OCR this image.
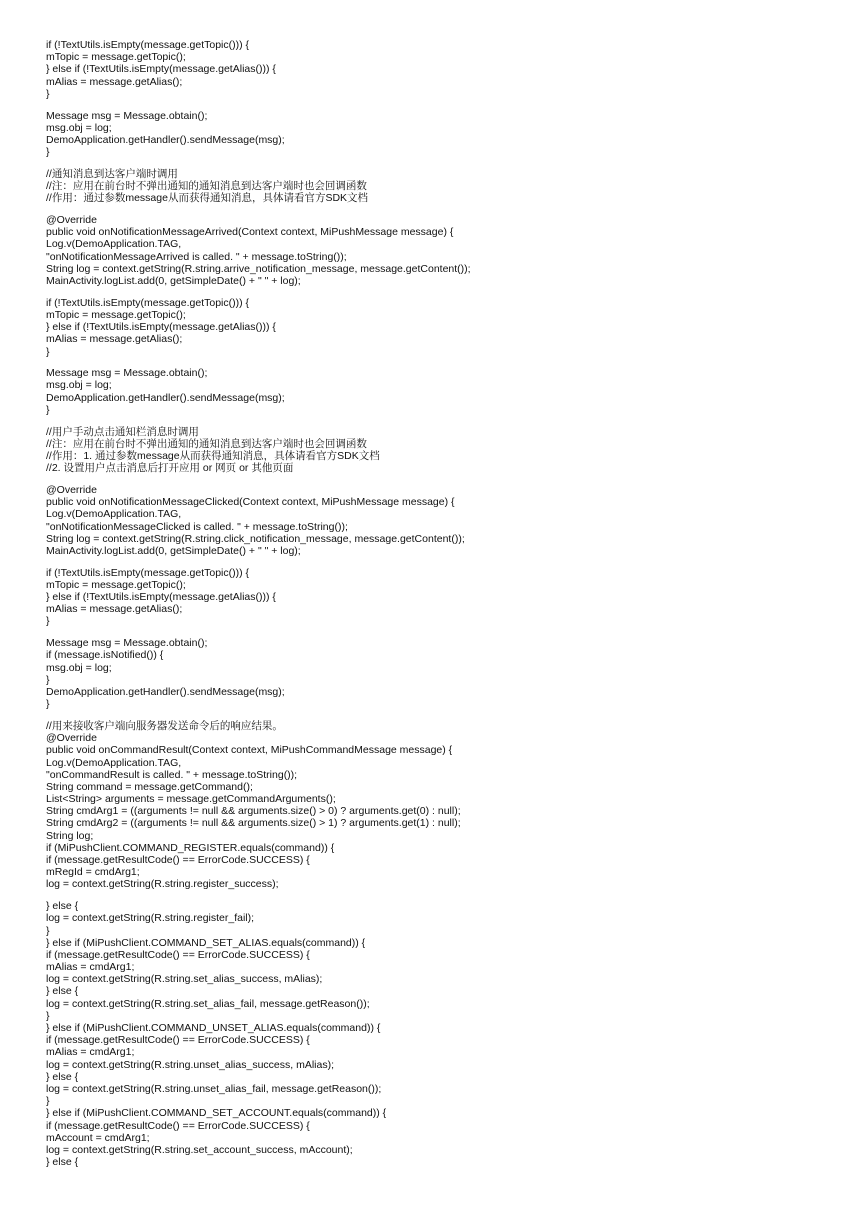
if (!TextUtils.isEmpty(message.getTopic())) {
mTopic = message.getTopic();
} else if (!TextUtils.isEmpty(message.getAlias())) {
mAlias = message.getAlias();
}
Message msg = Message.obtain();
msg.obj = log;
DemoApplication.getHandler().sendMessage(msg);
}
//通知消息到达客户端时调用
//注：应用在前台时不弹出通知的通知消息到达客户端时也会回调函数
//作用：通过参数message从而获得通知消息，具体请看官方SDK文档
@Override
public void onNotificationMessageArrived(Context context, MiPushMessage message) {
Log.v(DemoApplication.TAG,
"onNotificationMessageArrived is called. " + message.toString());
String log = context.getString(R.string.arrive_notification_message, message.getContent());
MainActivity.logList.add(0, getSimpleDate() + " " + log);
if (!TextUtils.isEmpty(message.getTopic())) {
mTopic = message.getTopic();
} else if (!TextUtils.isEmpty(message.getAlias())) {
mAlias = message.getAlias();
}
Message msg = Message.obtain();
msg.obj = log;
DemoApplication.getHandler().sendMessage(msg);
}
//用户手动点击通知栏消息时调用
//注：应用在前台时不弹出通知的通知消息到达客户端时也会回调函数
//作用：1. 通过参数message从而获得通知消息，具体请看官方SDK文档
//2. 设置用户点击消息后打开应用 or 网页 or 其他页面
@Override
public void onNotificationMessageClicked(Context context, MiPushMessage message) {
Log.v(DemoApplication.TAG,
"onNotificationMessageClicked is called. " + message.toString());
String log = context.getString(R.string.click_notification_message, message.getContent());
MainActivity.logList.add(0, getSimpleDate() + " " + log);
if (!TextUtils.isEmpty(message.getTopic())) {
mTopic = message.getTopic();
} else if (!TextUtils.isEmpty(message.getAlias())) {
mAlias = message.getAlias();
}
Message msg = Message.obtain();
if (message.isNotified()) {
msg.obj = log;
}
DemoApplication.getHandler().sendMessage(msg);
}
//用来接收客户端向服务器发送命令后的响应结果。
@Override
public void onCommandResult(Context context, MiPushCommandMessage message) {
Log.v(DemoApplication.TAG,
"onCommandResult is called. " + message.toString());
String command = message.getCommand();
List<String> arguments = message.getCommandArguments();
String cmdArg1 = ((arguments != null && arguments.size() > 0) ? arguments.get(0) : null);
String cmdArg2 = ((arguments != null && arguments.size() > 1) ? arguments.get(1) : null);
String log;
if (MiPushClient.COMMAND_REGISTER.equals(command)) {
if (message.getResultCode() == ErrorCode.SUCCESS) {
mRegId = cmdArg1;
log = context.getString(R.string.register_success);
} else {
log = context.getString(R.string.register_fail);
}
} else if (MiPushClient.COMMAND_SET_ALIAS.equals(command)) {
if (message.getResultCode() == ErrorCode.SUCCESS) {
mAlias = cmdArg1;
log = context.getString(R.string.set_alias_success, mAlias);
} else {
log = context.getString(R.string.set_alias_fail, message.getReason());
}
} else if (MiPushClient.COMMAND_UNSET_ALIAS.equals(command)) {
if (message.getResultCode() == ErrorCode.SUCCESS) {
mAlias = cmdArg1;
log = context.getString(R.string.unset_alias_success, mAlias);
} else {
log = context.getString(R.string.unset_alias_fail, message.getReason());
}
} else if (MiPushClient.COMMAND_SET_ACCOUNT.equals(command)) {
if (message.getResultCode() == ErrorCode.SUCCESS) {
mAccount = cmdArg1;
log = context.getString(R.string.set_account_success, mAccount);
} else {
